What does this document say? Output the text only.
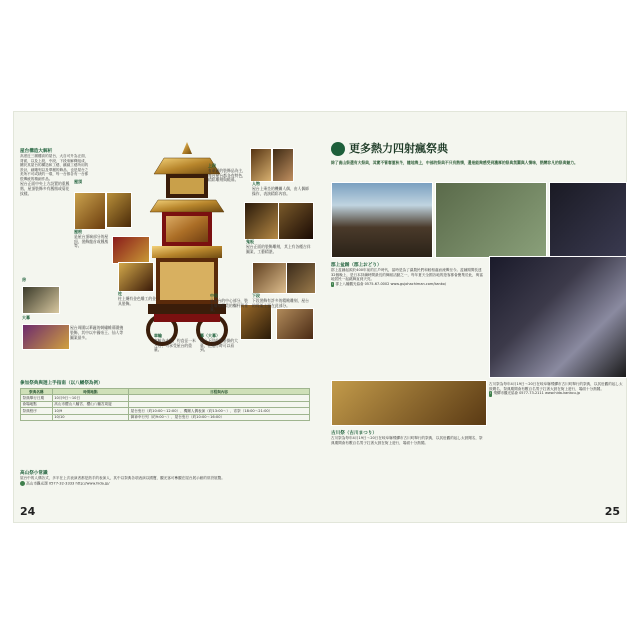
屋台構造大解析
高度近三層樓高的屋台，大自可升為正面，背面，以及上段，中段，下段來解釋組成，關於其屋台的構造和工藝，鐵絲工藝所用的設計，細雕刻以及華麗的飾品，也是屋台之美所不可或缺的一環，每一台都各有一台都很傳統的精細作品。
屋頂
屋根
是屋台頂端部分的屋頂，裝飾龍首或鳳凰等。
房
大幕
屋台周圍以華麗的刺繡帷幕圍繞裝飾，其中以中國帝王、仙人等圖案最多。
屋台正面中央上方設置的重鳳凰，屋頂裝飾多有鳳凰或菊花紋樣。
人物
屋台上乘坐的機關人偶，由人偶師操作，表演精彩內容。
上段
有華麗的裝飾品為主，每台屋台都各有特色，精彩雕刻與帳幕。
鬼板
屋台正面的裝飾雕刻，其上有各種吉祥圖案，工藝精湛。
中段
是屋台的中心部分，裝有雕刻精美的欄杆與垂簾。
下段
下段裝飾有許多的精緻雕刻，屋台的骨架主要在此部分。
車輪
車輪為木製，約直徑一米左右，可承受屋台的重量。
幕（大幕）
屋台下段前後垂掛的大幕，在巡行時可以看到。
柱
柱上纏有金色雕工的金具裝飾。
參加祭典與遊上手指南（以八幡祭為例）
祭典名稱	時間地點	日程與內容
祭典舉行日期	10月9日～10日	
會場地點	高山市櫻山八幡宮、櫻山八幡宮周邊	
祭典程序	10/9	屋台曳行（約10:00～12:00）、機關人偶表演（約13:00～）、宵祭（18:00～21:00）
	10/10	御神幸行列（約9:00～）、屋台曳行（約10:00～16:00）
高山祭小常識
屋台中的人偶各式，多半在上次表演者都是熟手的表演人，其中以祭典各項表演以國寶，觀光客可參觀在屋台展示館的常設展覽。
高山市觀光課 0577-32-3333 http://www.hida.jp/
24
更多熱力四射瘋祭典
除了高山祭還有大祭典，其實不管春夏秋冬，隨地海上，中部的祭典不只有熱情，還是能夠感受到濃厚的祭典氛圍與人情味，熱鬧非凡的祭典魅力。
郡上盆踊（郡上おどり）
郡上盆踊起源於400年前的江戶時代，當時是為了讓農民們和睦相處而流傳至今。盆踊期間長達32個晚上，是日本持續時間最長的舞蹈活動之一，每年夏天全國各地的遊客都會聚集於此，與當地居民一起跳舞直到天亮。
i 郡上八幡觀光協會 0575-67-0002 www.gujohachiman.com/kanko/
古川祭（古川まつり）
古川祭為每年4月19日～20日在岐阜縣飛驒市古川町舉行的祭典，以其壯觀的起し太鼓聞名，祭典期間會有數百名男子扛著大鼓在街上遊行，場面十分熱鬧。
古川祭為每年4月19日～20日在岐阜縣飛驒市古川町舉行的祭典，以其壯觀的起し太鼓聞名，祭典期間會有數百名男子扛著大鼓在街上遊行，場面十分熱鬧。
i 飛驒市觀光協會 0577-73-2111 www.hida-kankou.jp
25
